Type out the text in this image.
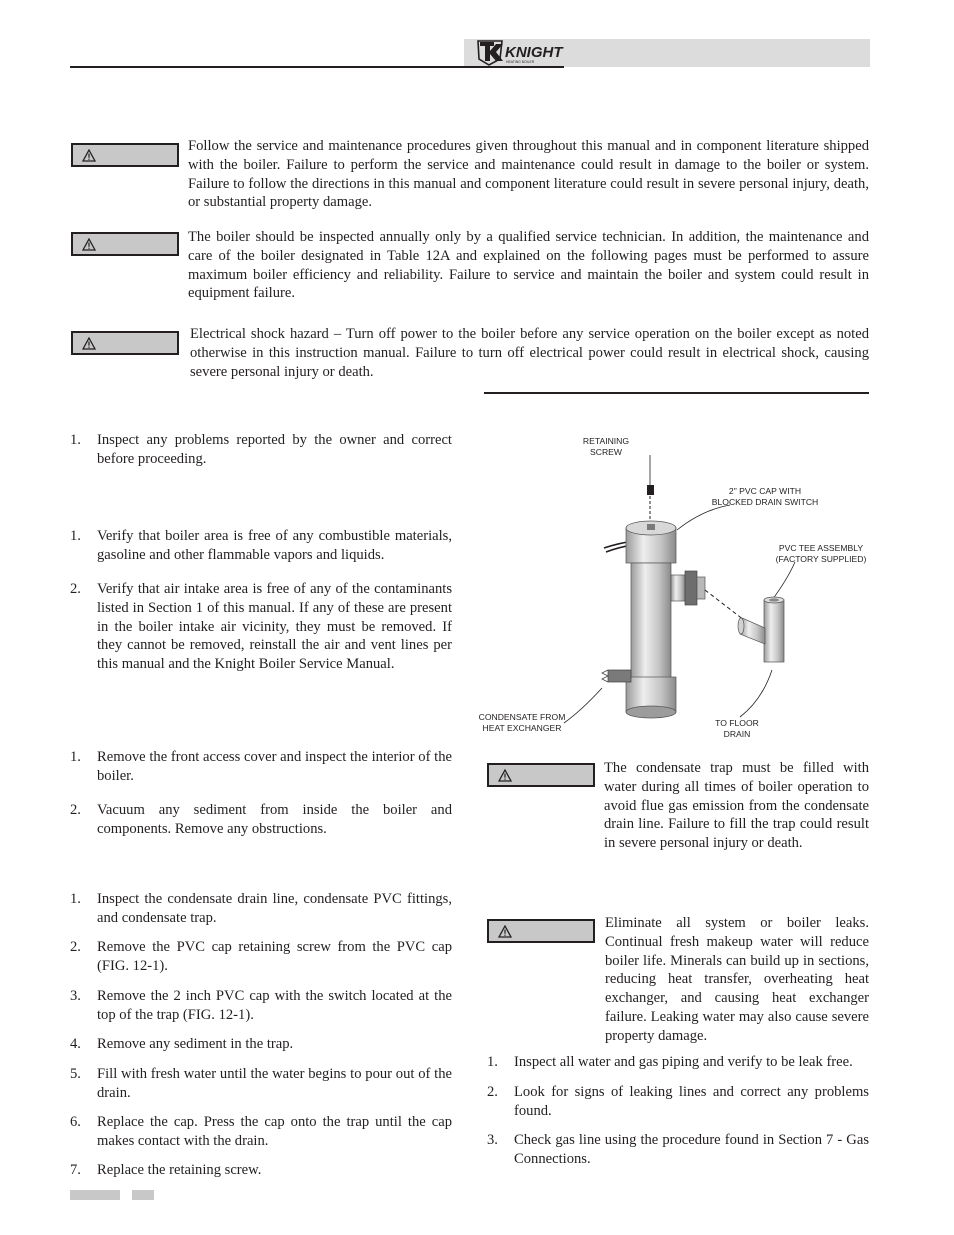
KNIGHT
HEATING BOILER
Follow the service and maintenance procedures given throughout this manual and in component literature shipped with the boiler. Failure to perform the service and maintenance could result in damage to the boiler or system. Failure to follow the directions in this manual and component literature could result in severe personal injury, death, or substantial property damage.
The boiler should be inspected annually only by a qualified service technician. In addition, the maintenance and care of the boiler designated in Table 12A and explained on the following pages must be performed to assure maximum boiler efficiency and reliability. Failure to service and maintain the boiler and system could result in equipment failure.
Electrical shock hazard – Turn off power to the boiler before any service operation on the boiler except as noted otherwise in this instruction manual. Failure to turn off electrical power could result in electrical shock, causing severe personal injury or death.
1. Inspect any problems reported by the owner and correct before proceeding.
1. Verify that boiler area is free of any combustible materials, gasoline and other flammable vapors and liquids.
2. Verify that air intake area is free of any of the contaminants listed in Section 1 of this manual. If any of these are present in the boiler intake air vicinity, they must be removed. If they cannot be removed, reinstall the air and vent lines per this manual and the Knight Boiler Service Manual.
1. Remove the front access cover and inspect the interior of the boiler.
2. Vacuum any sediment from inside the boiler and components. Remove any obstructions.
1. Inspect the condensate drain line, condensate PVC fittings, and condensate trap.
2. Remove the PVC cap retaining screw from the PVC cap (FIG. 12-1).
3. Remove the 2 inch PVC cap with the switch located at the top of the trap (FIG. 12-1).
4. Remove any sediment in the trap.
5. Fill with fresh water until the water begins to pour out of the drain.
6. Replace the cap. Press the cap onto the trap until the cap makes contact with the drain.
7. Replace the retaining screw.
RETAINING
SCREW
2" PVC CAP WITH
BLOCKED DRAIN SWITCH
PVC TEE ASSEMBLY
(FACTORY SUPPLIED)
CONDENSATE FROM
HEAT EXCHANGER	TO FLOOR
DRAIN
The condensate trap must be filled with water during all times of boiler operation to avoid flue gas emission from the condensate drain line. Failure to fill the trap could result in severe personal injury or death.
Eliminate all system or boiler leaks. Continual fresh makeup water will reduce boiler life. Minerals can build up in sections, reducing heat transfer, overheating heat exchanger, and causing heat exchanger failure. Leaking water may also cause severe property damage.
1. Inspect all water and gas piping and verify to be leak free.
2. Look for signs of leaking lines and correct any problems found.
3. Check gas line using the procedure found in Section 7 - Gas Connections.
